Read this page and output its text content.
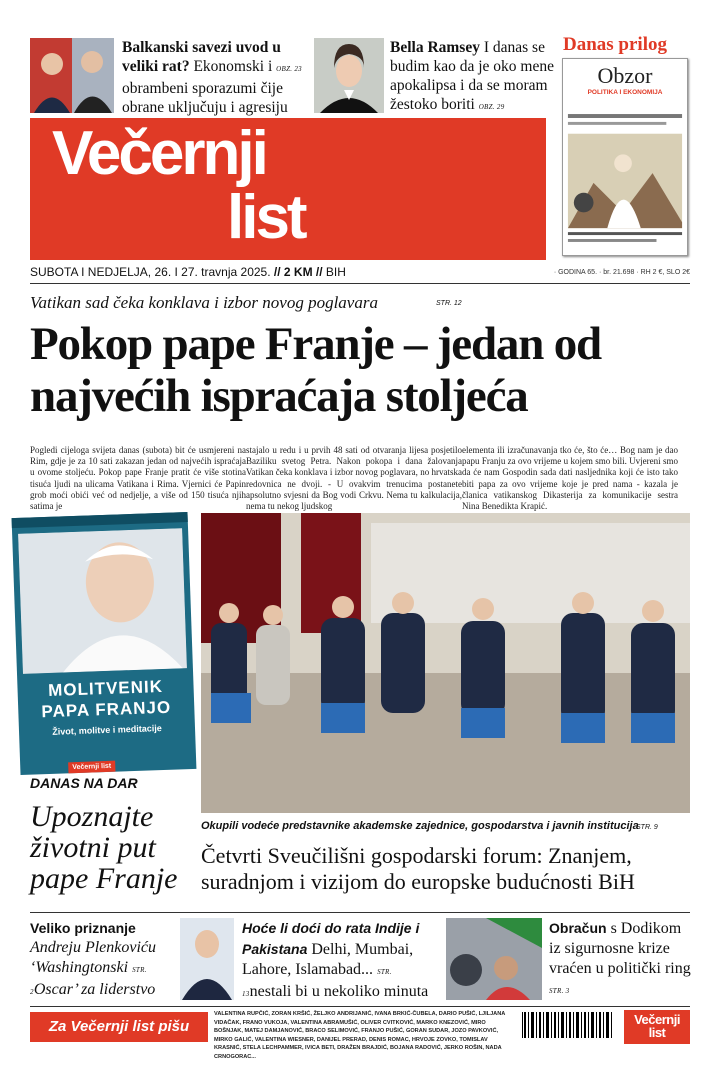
Balkanski savezi uvod u veliki rat? Ekonomski i OBZ. 23 obrambeni sporazumi čije obrane uključuju i agresiju
Bella Ramsey I danas se budim kao da je oko mene apokalipsa i da se moram žestoko boriti OBZ. 29
Danas prilog
Obzor
POLITIKA I EKONOMIJA
Večernji
list
SUBOTA I NEDJELJA, 26. I 27. travnja 2025. // 2 KM // BIH	· GODINA 65. · br. 21.698 · RH 2 €, SLO 2€
Vatikan sad čeka konklava i izbor novog poglavara	STR. 12
Pokop pape Franje – jedan od najvećih ispraćaja stoljeća
Pogledi cijeloga svijeta danas (subota) bit će usmjereni na Rim, gdje je za 10 sati zakazan jedan od najvećih ispraćaja u ovome stoljeću. Pokop pape Franje pratit će više stotina tisuća ljudi na ulicama Vatikana i Rima. Vjernici će Papin grob moći obići već od nedjelje, a više od 150 tisuća njih satima je
stajalo u redu i u prvih 48 sati od otvaranja lijesa posjetilo Baziliku svetog Petra. Nakon pokopa i dana žalovanja Vatikan čeka konklava i izbor novog poglavara, no hrvatska redovnica ne dvoji. - U ovakvim trenucima postanete apsolutno svjesni da Bog vodi Crkvu. Nema tu kalkulacija, nema tu nekog ljudskog
elementa ili izračunavanja tko će, što će… Bog nam je dao papu Franju za ovo vrijeme u kojem smo bili. Uvjereni smo da će nam Gospodin sada dati nasljednika koji će isto tako biti papa za ovo vrijeme koje je pred nama - kazala je članica vatikanskog Dikasterija za komunikacije sestra Nina Benedikta Krapić.
MOLITVENIK
PAPA FRANJO
Život, molitve i meditacije
Večernji list
DANAS NA DAR
Upoznajte životni put pape Franje
Okupili vodeće predstavnike akademske zajednice, gospodarstva i javnih institucija
STR. 9
Četvrti Sveučilišni gospodarski forum: Znanjem, suradnjom i vizijom do europske budućnosti BiH
Veliko priznanje
Andreju Plenkoviću ‘Washingtonski STR. 2Oscar’ za liderstvo
Hoće li doći do rata Indije i Pakistana Delhi, Mumbai, Lahore, Islamabad... STR. 13nestali bi u nekoliko minuta
Obračun s Dodikom iz sigurnosne krize vraćen u politički ring STR. 3
Za Večernji list pišu
VALENTINA RUPČIĆ, ZORAN KRŠIĆ, ŽELJKO ANDRIJANIĆ, IVANA BRKIĆ-ČUBELA, DARIO PUŠIĆ, LJILJANA VIDAČAK, FRANO VUKOJA, VALENTINA ABRAMUŠIĆ, OLIVER CVITKOVIĆ, MARKO KNEZOVIĆ, MIRO BOŠNJAK, MATEJ DAMJANOVIĆ, BRACO SELIMOVIĆ, FRANJO PUŠIĆ, GORAN SUDAR, JOZO PAVKOVIĆ, MIRKO GALIĆ, VALENTINA WIESNER, DANIJEL PRERAD, DENIS ROMAC, HRVOJE ZOVKO, TOMISLAV KRASNIĆ, STELA LECHPAMMER, IVICA BETI, DRAŽEN BRAJDIĆ, BOJANA RADOVIĆ, JERKO ROŠIN, NADA CRNOGORAC...
Večernji
list
